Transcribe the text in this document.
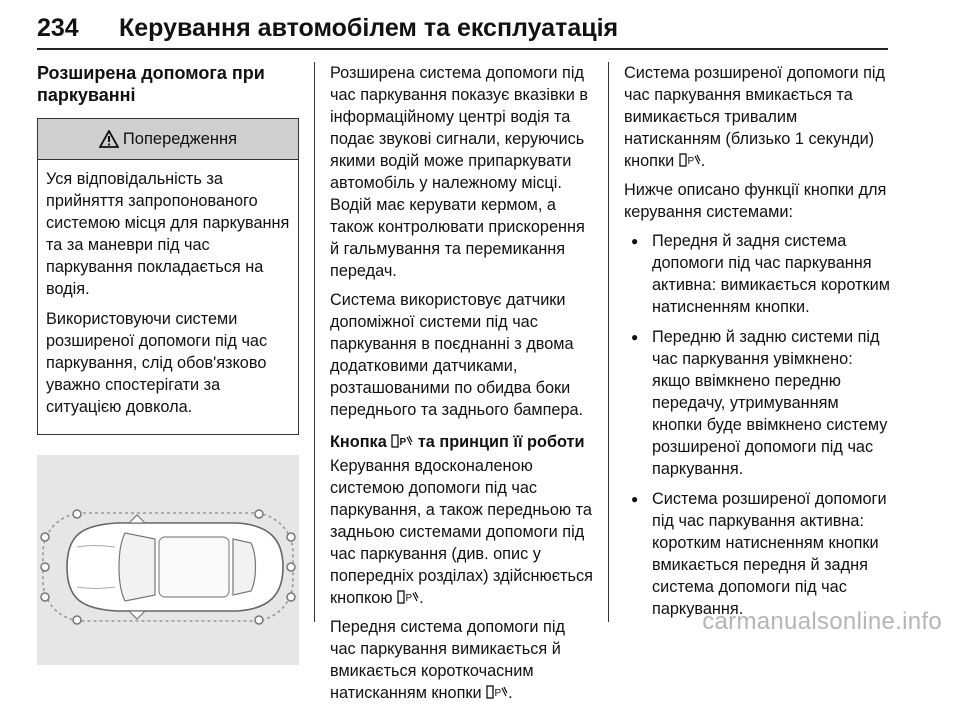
234 Керування автомобілем та експлуатація
Розширена допомога при паркуванні
Попередження

Уся відповідальність за прийняття запропонованого системою місця для паркування та за маневри під час паркування покладається на водія.

Використовуючи системи розширеної допомоги під час паркування, слід обов'язково уважно спостерігати за ситуацією довкола.

Розширена система допомоги під час паркування показує вказівки в інформаційному центрі водія та подає звукові сигнали, керуючись якими водій може припаркувати автомобіль у належному місці. Водій має керувати кермом, а також контролювати прискорення й гальмування та перемикання передач.

Система використовує датчики допоміжної системи під час паркування в поєднанні з двома додатковими датчиками, розташованими по обидва боки переднього та заднього бампера.

Кнопка P та принцип її роботи

Керування вдосконаленою системою допомоги під час паркування, а також передньою та задньою системами допомоги під час паркування (див. опис у попередніх розділах) здійснюється кнопкою P .

Передня система допомоги під час паркування вимикається й вмикається короткочасним натисканням кнопки P .

Система розширеної допомоги під час паркування вмикається та вимикається тривалим натисканням (близько 1 секунди) кнопки P .

Нижче описано функції кнопки для керування системами:

● Передня й задня система допомоги під час паркування активна: вимикається коротким натисненням кнопки.
● Передню й задню системи під час паркування увімкнено: якщо ввімкнено передню передачу, утримуванням кнопки буде ввімкнено систему розширеної допомоги під час паркування.
● Система розширеної допомоги під час паркування активна: коротким натисненням кнопки вмикається передня й задня система допомоги під час паркування.
carmanualsonline.info
